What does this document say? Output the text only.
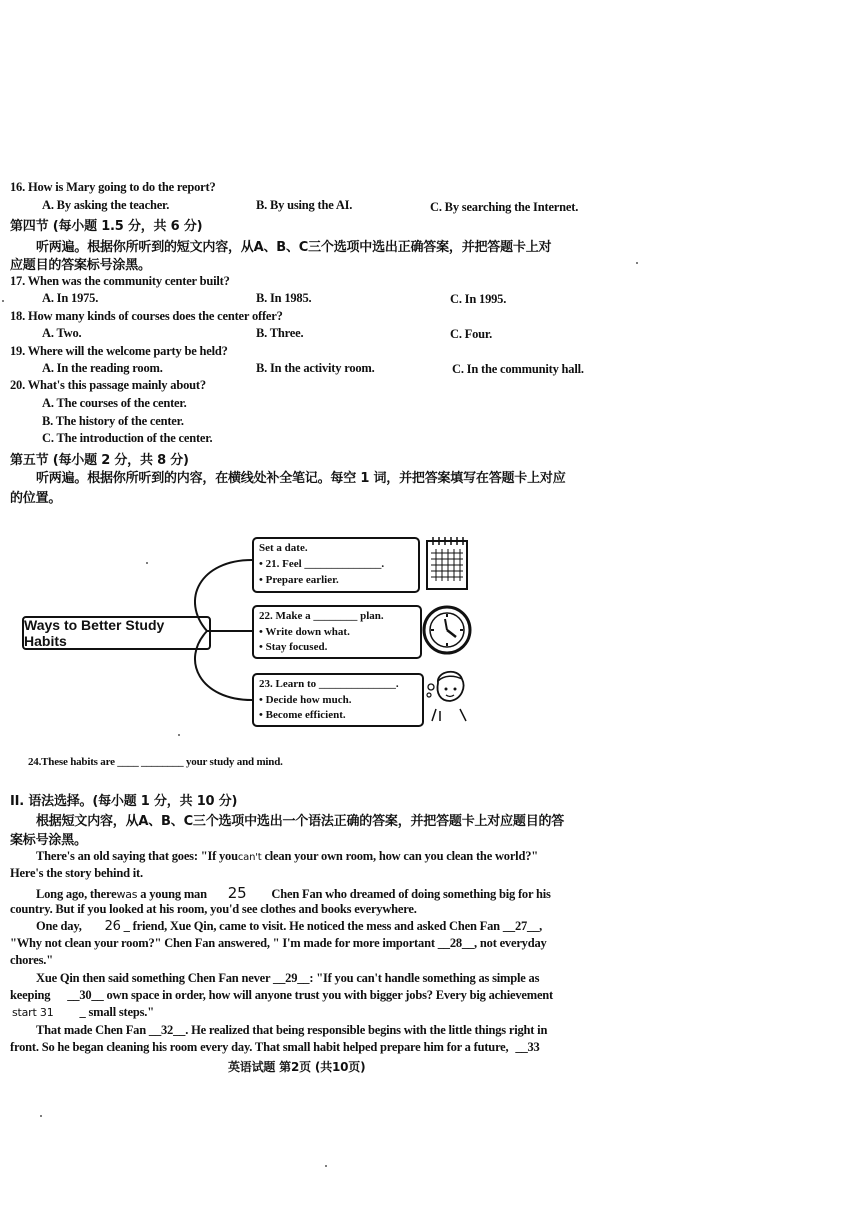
16. How is Mary going to do the report?
A. By asking the teacher.	B. By using the AI.	C. By searching the Internet.
第四节 (每小题 1.5 分，共 6 分)
听两遍。根据你所听到的短文内容，从A、B、C三个选项中选出正确答案，并把答题卡上对
应题目的答案标号涂黑。
17. When was the community center built?
A. In 1975.	B. In 1985.	C. In 1995.
18. How many kinds of courses does the center offer?
A. Two.	B. Three.	C. Four.
19. Where will the welcome party be held?
A. In the reading room.	B. In the activity room.	C. In the community hall.
20. What's this passage mainly about?
A. The courses of the center.
B. The history of the center.
C. The introduction of the center.
第五节 (每小题 2 分，共 8 分)
听两遍。根据你所听到的内容，在横线处补全笔记。每空 1 词，并把答案填写在答题卡上对应
的位置。
Ways to Better Study Habits
Set a date.
• 21. Feel ______________.
• Prepare earlier.
22. Make a ________ plan.
• Write down what.
• Stay focused.
23. Learn to ______________.
• Decide how much.
• Become efficient.
24.These habits are ____ ________ your study and mind.
II. 语法选择。(每小题 1 分，共 10 分)
根据短文内容，从A、B、C三个选项中选出一个语法正确的答案，并把答题卡上对应题目的答
案标号涂黑。
There's an old saying that goes: "If youcan't clean your own room, how can you clean the world?"
Here's the story behind it.
Long ago, therewas a young man 25 Chen Fan who dreamed of doing something big for his
country. But if you looked at his room, you'd see clothes and books everywhere.
One day, 26 _ friend, Xue Qin, came to visit. He noticed the mess and asked Chen Fan __27__,
"Why not clean your room?" Chen Fan answered, " I'm made for more important __28__, not everyday
chores."
Xue Qin then said something Chen Fan never __29__: "If you can't handle something as simple as
keeping __30__ own space in order, how will anyone trust you with bigger jobs? Every big achievement
start 31 _ small steps."
That made Chen Fan __32__. He realized that being responsible begins with the little things right in
front. So he began cleaning his room every day. That small habit helped prepare him for a future, __33
英语试题 第2页 (共10页)
